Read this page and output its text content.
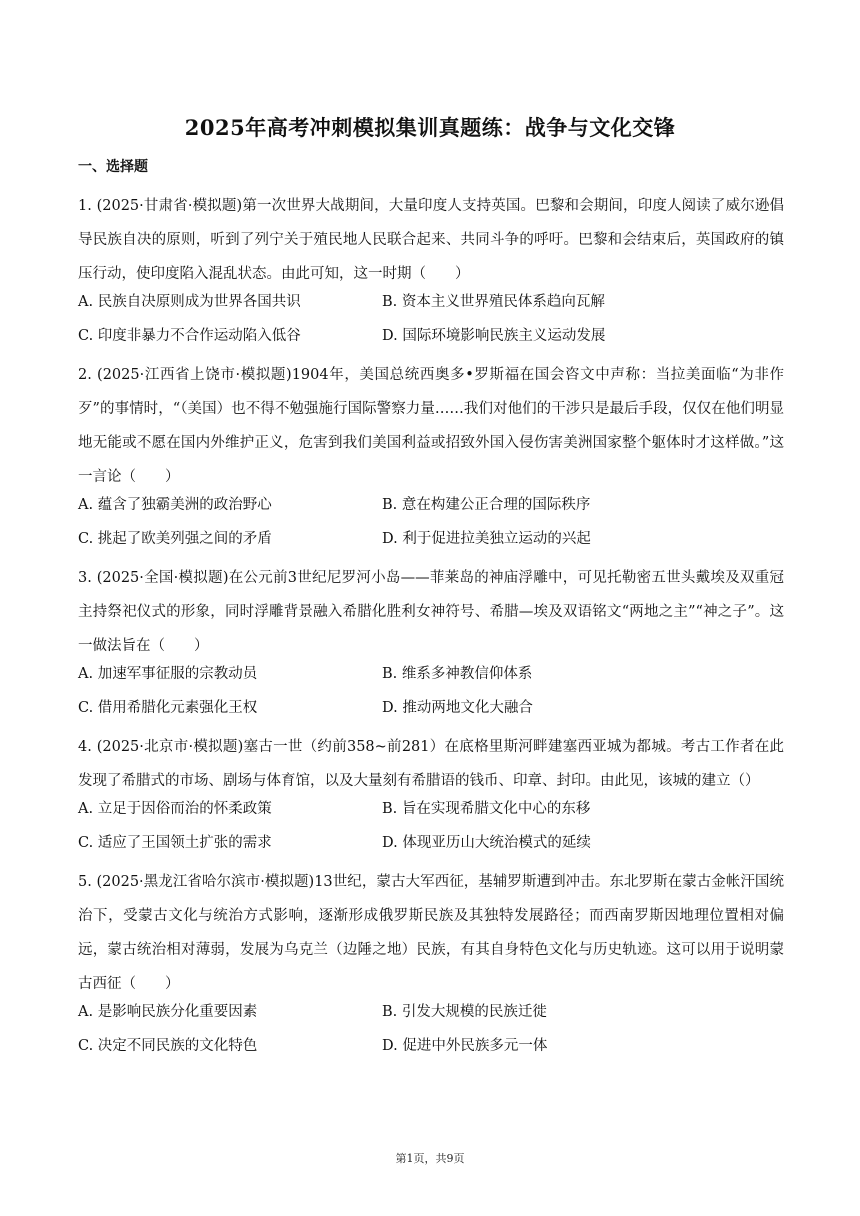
2025年高考冲刺模拟集训真题练：战争与文化交锋
一、选择题
1. (2025·甘肃省·模拟题)第一次世界大战期间，大量印度人支持英国。巴黎和会期间，印度人阅读了威尔逊倡导民族自决的原则，听到了列宁关于殖民地人民联合起来、共同斗争的呼吁。巴黎和会结束后，英国政府的镇压行动，使印度陷入混乱状态。由此可知，这一时期（　　）
A. 民族自决原则成为世界各国共识	B. 资本主义世界殖民体系趋向瓦解
C. 印度非暴力不合作运动陷入低谷	D. 国际环境影响民族主义运动发展
2. (2025·江西省上饶市·模拟题)1904年，美国总统西奥多•罗斯福在国会咨文中声称：当拉美面临“为非作歹”的事情时，“（美国）也不得不勉强施行国际警察力量……我们对他们的干涉只是最后手段，仅仅在他们明显地无能或不愿在国内外维护正义，危害到我们美国利益或招致外国入侵伤害美洲国家整个躯体时才这样做。”这一言论（　　）
A. 蕴含了独霸美洲的政治野心	B. 意在构建公正合理的国际秩序
C. 挑起了欧美列强之间的矛盾	D. 利于促进拉美独立运动的兴起
3. (2025·全国·模拟题)在公元前3世纪尼罗河小岛——菲莱岛的神庙浮雕中，可见托勒密五世头戴埃及双重冠主持祭祀仪式的形象，同时浮雕背景融入希腊化胜利女神符号、希腊—埃及双语铭文“两地之主”“神之子”。这一做法旨在（　　）
A. 加速军事征服的宗教动员	B. 维系多神教信仰体系
C. 借用希腊化元素强化王权	D. 推动两地文化大融合
4. (2025·北京市·模拟题)塞古一世（约前358~前281）在底格里斯河畔建塞西亚城为都城。考古工作者在此发现了希腊式的市场、剧场与体育馆，以及大量刻有希腊语的钱币、印章、封印。由此见，该城的建立（）
A. 立足于因俗而治的怀柔政策	B. 旨在实现希腊文化中心的东移
C. 适应了王国领土扩张的需求	D. 体现亚历山大统治模式的延续
5. (2025·黑龙江省哈尔滨市·模拟题)13世纪，蒙古大军西征，基辅罗斯遭到冲击。东北罗斯在蒙古金帐汗国统治下，受蒙古文化与统治方式影响，逐渐形成俄罗斯民族及其独特发展路径；而西南罗斯因地理位置相对偏远，蒙古统治相对薄弱，发展为乌克兰（边陲之地）民族，有其自身特色文化与历史轨迹。这可以用于说明蒙古西征（　　）
A. 是影响民族分化重要因素	B. 引发大规模的民族迁徙
C. 决定不同民族的文化特色	D. 促进中外民族多元一体
第1页，共9页
